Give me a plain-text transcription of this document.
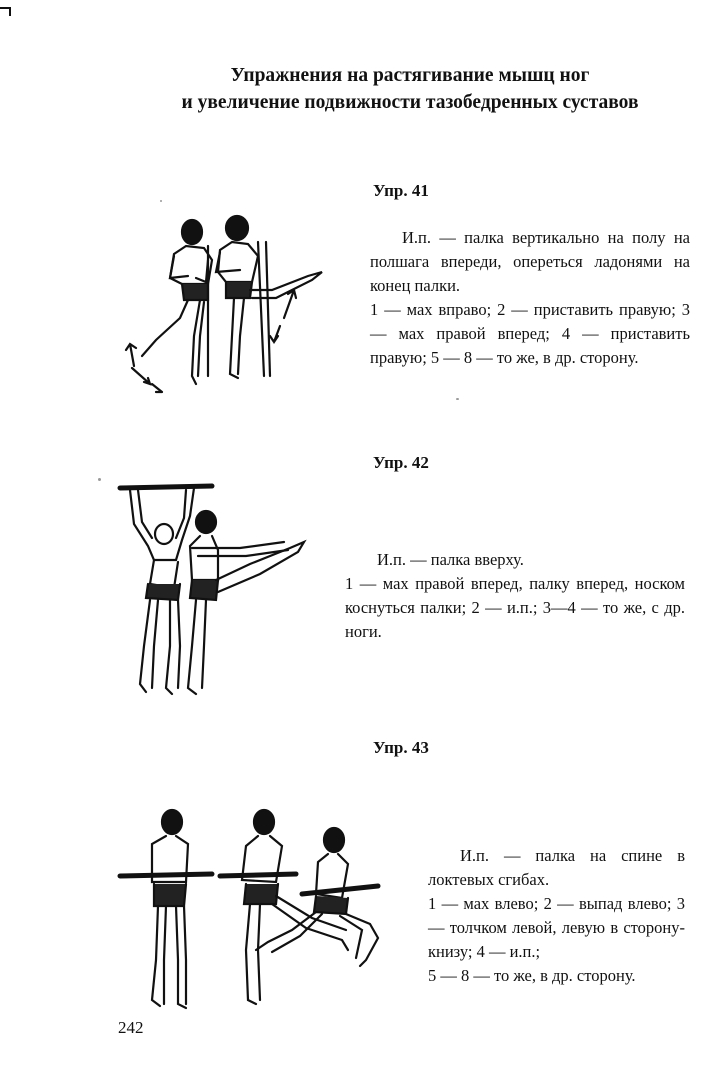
Упражнения на растягивание мышц ног
и увеличение подвижности тазобедренных суставов
Упр. 41

И.п. — палка вертикально на полу на полшага впереди, опереться ладонями на конец палки.

1 — мах вправо; 2 — приставить правую; 3 — мах правой вперед; 4 — приставить правую; 5 — 8 — то же, в др. сторону.

Упр. 42

И.п. — палка вверху.

1 — мах правой вперед, палку вперед, носком коснуться палки; 2 — и.п.; 3—4 — то же, с др. ноги.

Упр. 43

И.п. — палка на спине в локтевых сгибах.

1 — мах влево; 2 — выпад влево; 3 — толчком левой, левую в сторону-книзу; 4 — и.п.;

5 — 8 — то же, в др. сторону.

242
